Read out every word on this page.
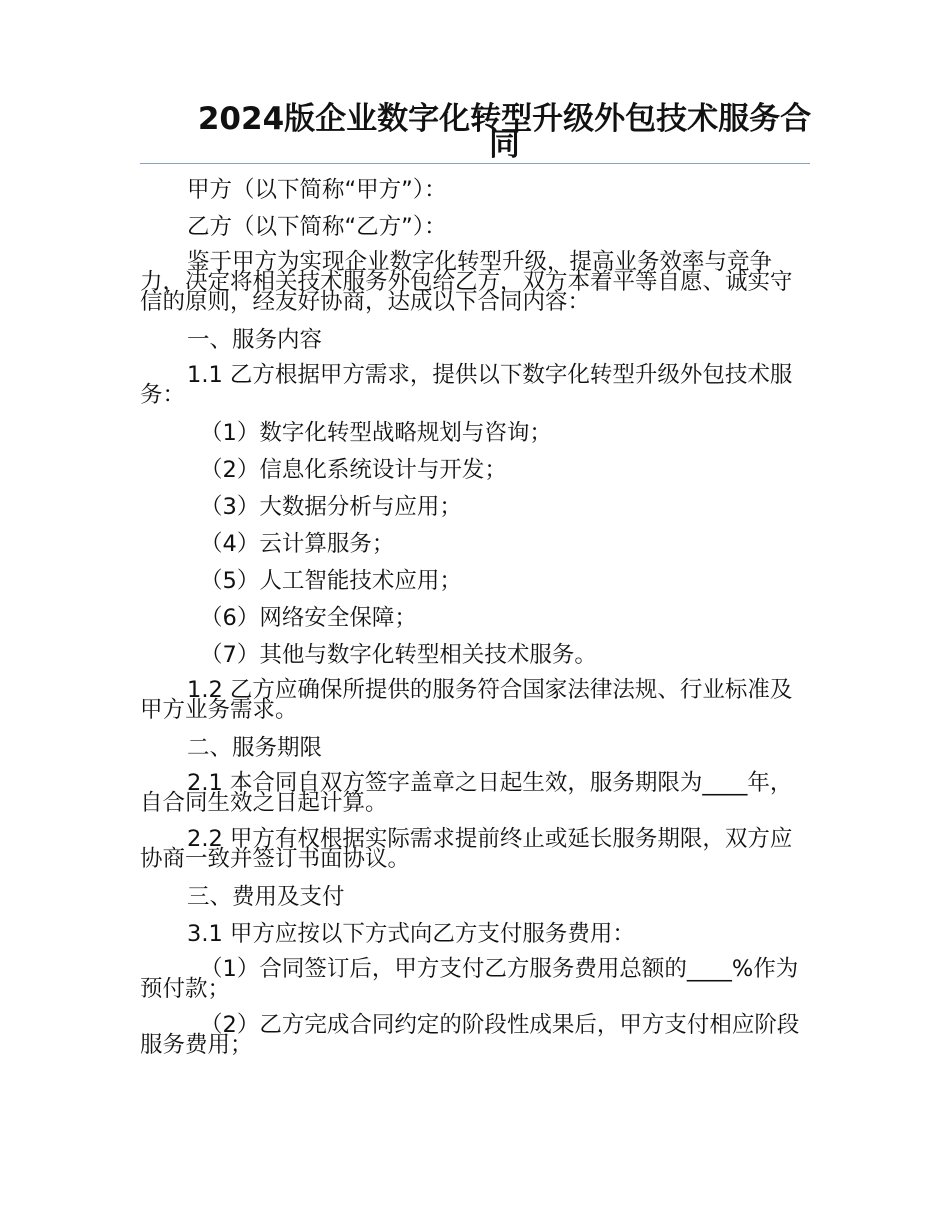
2024版企业数字化转型升级外包技术服务合同

甲方（以下简称“甲方”）：

乙方（以下简称“乙方”）：

鉴于甲方为实现企业数字化转型升级，提高业务效率与竞争力，决定将相关技术服务外包给乙方，双方本着平等自愿、诚实守信的原则，经友好协商，达成以下合同内容：

一、服务内容

1.1 乙方根据甲方需求，提供以下数字化转型升级外包技术服务：

（1）数字化转型战略规划与咨询；

（2）信息化系统设计与开发；

（3）大数据分析与应用；

（4）云计算服务；

（5）人工智能技术应用；

（6）网络安全保障；

（7）其他与数字化转型相关技术服务。

1.2 乙方应确保所提供的服务符合国家法律法规、行业标准及甲方业务需求。

二、服务期限

2.1 本合同自双方签字盖章之日起生效，服务期限为____年，自合同生效之日起计算。

2.2 甲方有权根据实际需求提前终止或延长服务期限，双方应协商一致并签订书面协议。

三、费用及支付

3.1 甲方应按以下方式向乙方支付服务费用：

（1）合同签订后，甲方支付乙方服务费用总额的____%作为预付款；

（2）乙方完成合同约定的阶段性成果后，甲方支付相应阶段服务费用；
